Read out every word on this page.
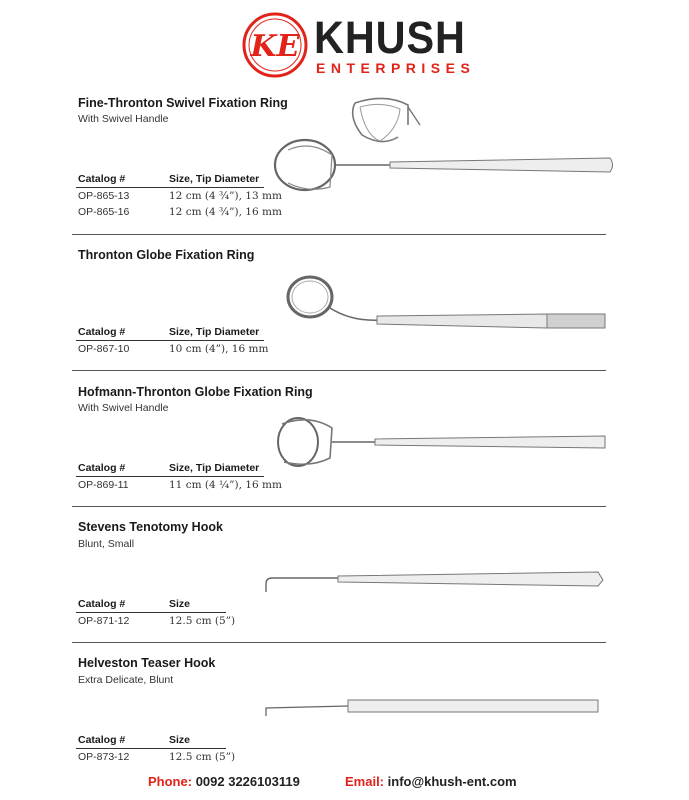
KE KHUSH
ENTERPRISES
Fine-Thronton Swivel Fixation Ring
With Swivel Handle
Catalog #	Size, Tip Diameter
OP-865-13	12 cm (4 ¾”), 13 mm
OP-865-16	12 cm (4 ¾”), 16 mm
Thronton Globe Fixation Ring
Catalog #	Size, Tip Diameter
OP-867-10	10 cm (4”), 16 mm
Hofmann-Thronton Globe Fixation Ring
With Swivel Handle
Catalog #	Size, Tip Diameter
OP-869-11	11 cm (4 ¼”), 16 mm
Stevens Tenotomy Hook
Blunt, Small
Catalog #	Size
OP-871-12	12.5 cm (5”)
Helveston Teaser Hook
Extra Delicate, Blunt
Catalog #	Size
OP-873-12	12.5 cm (5”)
Phone: 0092 3226103119	Email: info@khush-ent.com
